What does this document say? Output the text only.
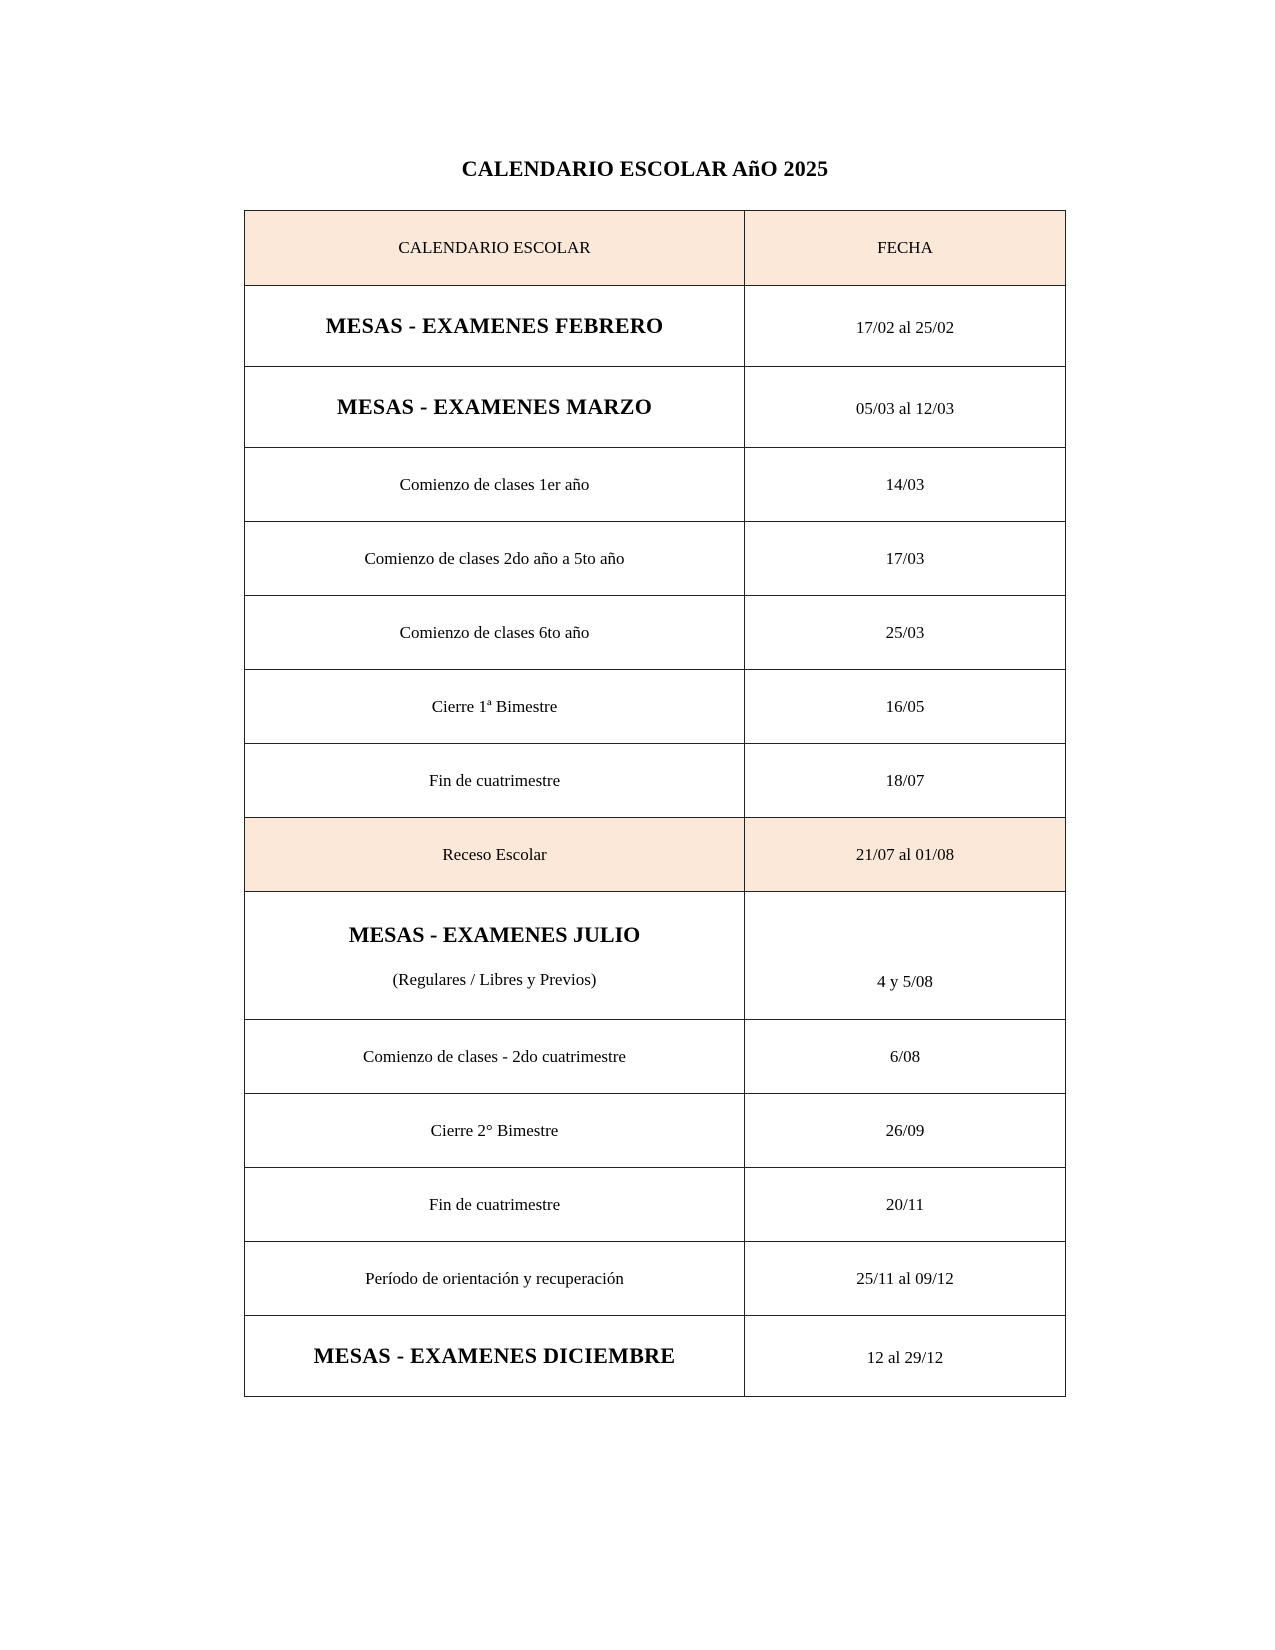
CALENDARIO ESCOLAR AñO 2025
CALENDARIO ESCOLAR	FECHA
MESAS - EXAMENES FEBRERO	17/02 al 25/02
MESAS - EXAMENES MARZO	05/03 al 12/03
Comienzo de clases 1er año	14/03
Comienzo de clases 2do año a 5to año	17/03
Comienzo de clases 6to año	25/03
Cierre 1ª Bimestre	16/05
Fin de cuatrimestre	18/07
Receso Escolar	21/07 al 01/08

MESAS - EXAMENES JULIO
(Regulares / Libres y Previos)	4 y 5/08

Comienzo de clases - 2do cuatrimestre	6/08
Cierre 2° Bimestre	26/09
Fin de cuatrimestre	20/11
Período de orientación y recuperación	25/11 al 09/12
MESAS - EXAMENES DICIEMBRE	12 al 29/12
